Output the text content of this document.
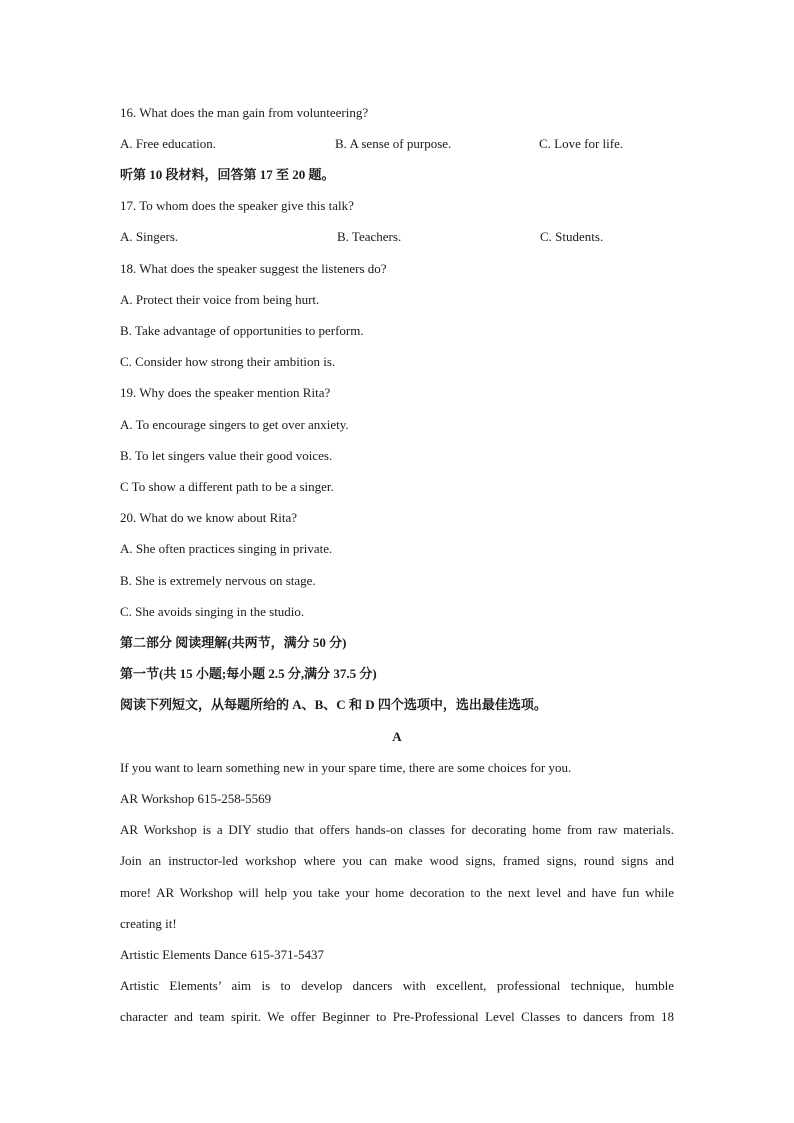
16. What does the man gain from volunteering?
A. Free education.	B. A sense of purpose.	C. Love for life.
听第 10 段材料，回答第 17 至 20 题。
17. To whom does the speaker give this talk?
A. Singers.	B. Teachers.	C. Students.
18. What does the speaker suggest the listeners do?
A. Protect their voice from being hurt.
B. Take advantage of opportunities to perform.
C. Consider how strong their ambition is.
19. Why does the speaker mention Rita?
A. To encourage singers to get over anxiety.
B. To let singers value their good voices.
C To show a different path to be a singer.
20. What do we know about Rita?
A. She often practices singing in private.
B. She is extremely nervous on stage.
C. She avoids singing in the studio.
第二部分 阅读理解(共两节，满分 50 分)
第一节(共 15 小题;每小题 2.5 分,满分 37.5 分)
阅读下列短文，从每题所给的 A、B、C 和 D 四个选项中，选出最佳选项。
A
If you want to learn something new in your spare time, there are some choices for you.
AR Workshop 615-258-5569
AR Workshop is a DIY studio that offers hands-on classes for decorating home from raw materials.
Join an instructor-led workshop where you can make wood signs, framed signs, round signs and
more! AR Workshop will help you take your home decoration to the next level and have fun while
creating it!
Artistic Elements Dance 615-371-5437
Artistic Elements’ aim is to develop dancers with excellent, professional technique, humble
character and team spirit. We offer Beginner to Pre-Professional Level Classes to dancers from 18
